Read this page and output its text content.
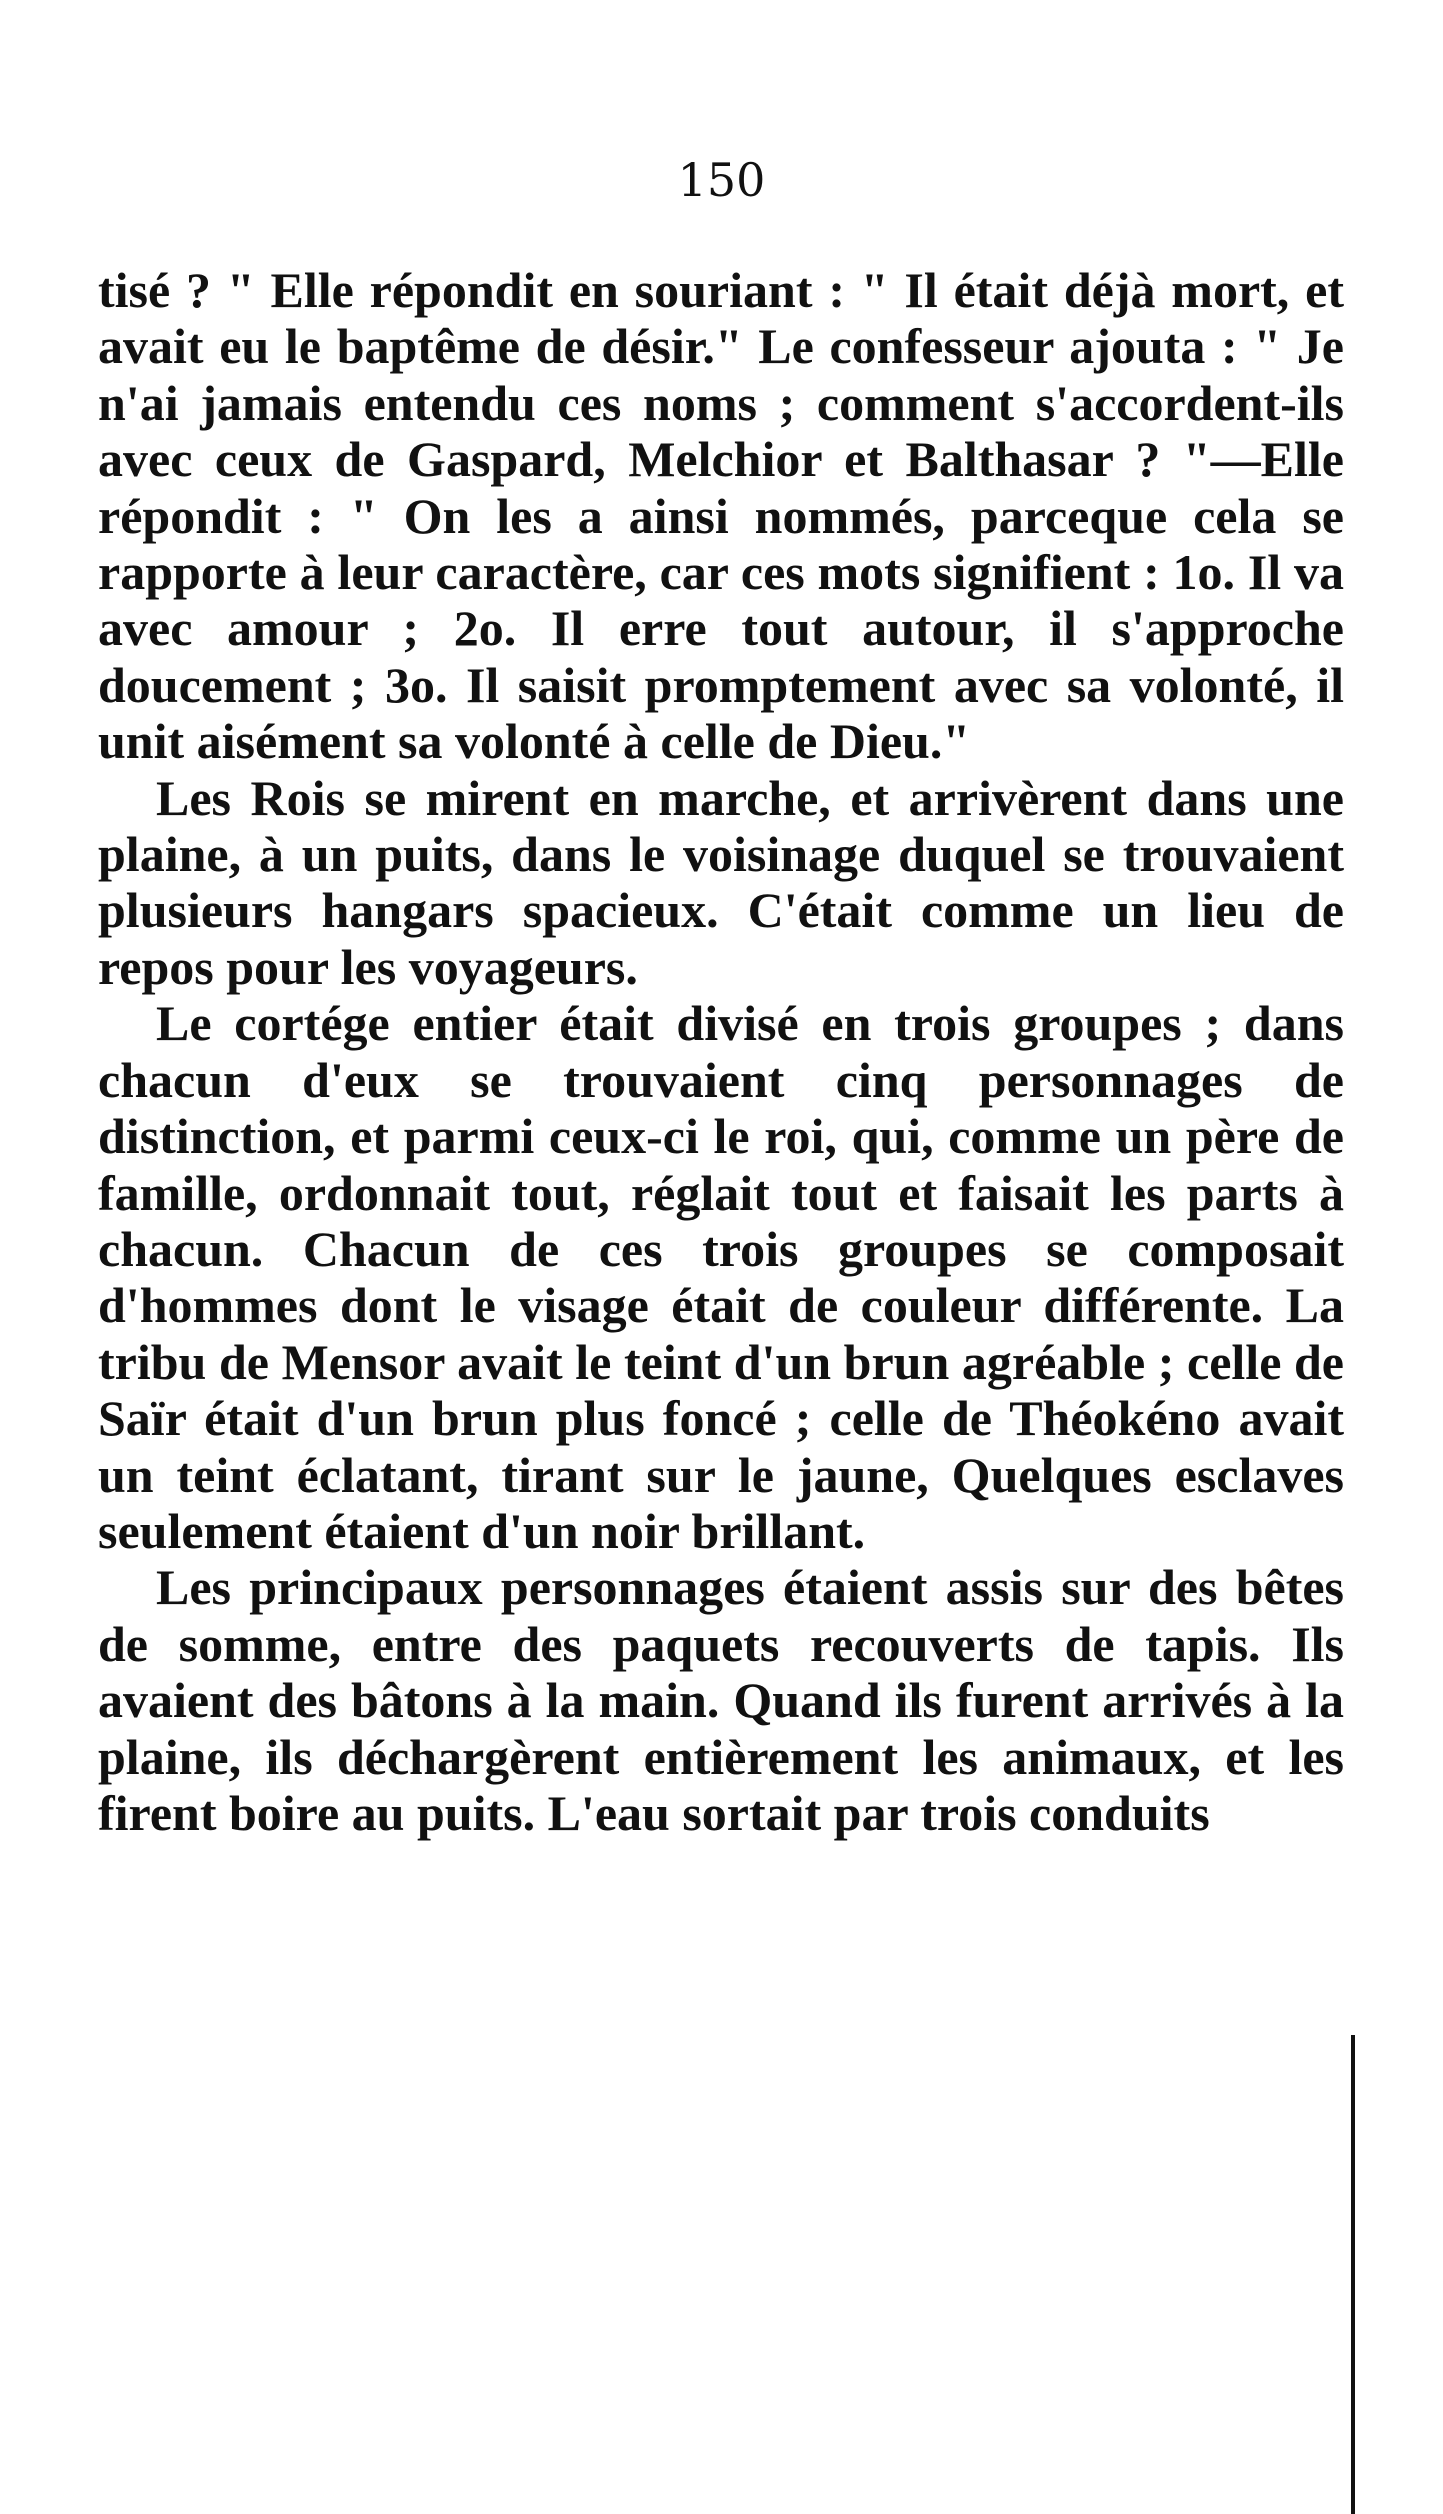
150

tisé ? " Elle répondit en souriant : " Il était déjà mort, et avait eu le baptême de désir." Le confesseur ajouta : " Je n'ai jamais entendu ces noms ; comment s'accordent-ils avec ceux de Gaspard, Melchior et Balthasar ? "—Elle répondit : " On les a ainsi nommés, parceque cela se rapporte à leur caractère, car ces mots signifient : 1o. Il va avec amour ; 2o. Il erre tout autour, il s'approche doucement ; 3o. Il saisit promptement avec sa volonté, il unit aisément sa volonté à celle de Dieu."

Les Rois se mirent en marche, et arrivèrent dans une plaine, à un puits, dans le voisinage duquel se trouvaient plusieurs hangars spacieux. C'était comme un lieu de repos pour les voyageurs.

Le cortége entier était divisé en trois groupes ; dans chacun d'eux se trouvaient cinq personnages de distinction, et parmi ceux-ci le roi, qui, comme un père de famille, ordonnait tout, réglait tout et faisait les parts à chacun. Chacun de ces trois groupes se composait d'hommes dont le visage était de couleur différente. La tribu de Mensor avait le teint d'un brun agréable ; celle de Saïr était d'un brun plus foncé ; celle de Théokéno avait un teint éclatant, tirant sur le jaune, Quelques esclaves seulement étaient d'un noir brillant.

Les principaux personnages étaient assis sur des bêtes de somme, entre des paquets recouverts de tapis. Ils avaient des bâtons à la main. Quand ils furent arrivés à la plaine, ils déchargèrent entièrement les animaux, et les firent boire au puits. L'eau sortait par trois conduits
